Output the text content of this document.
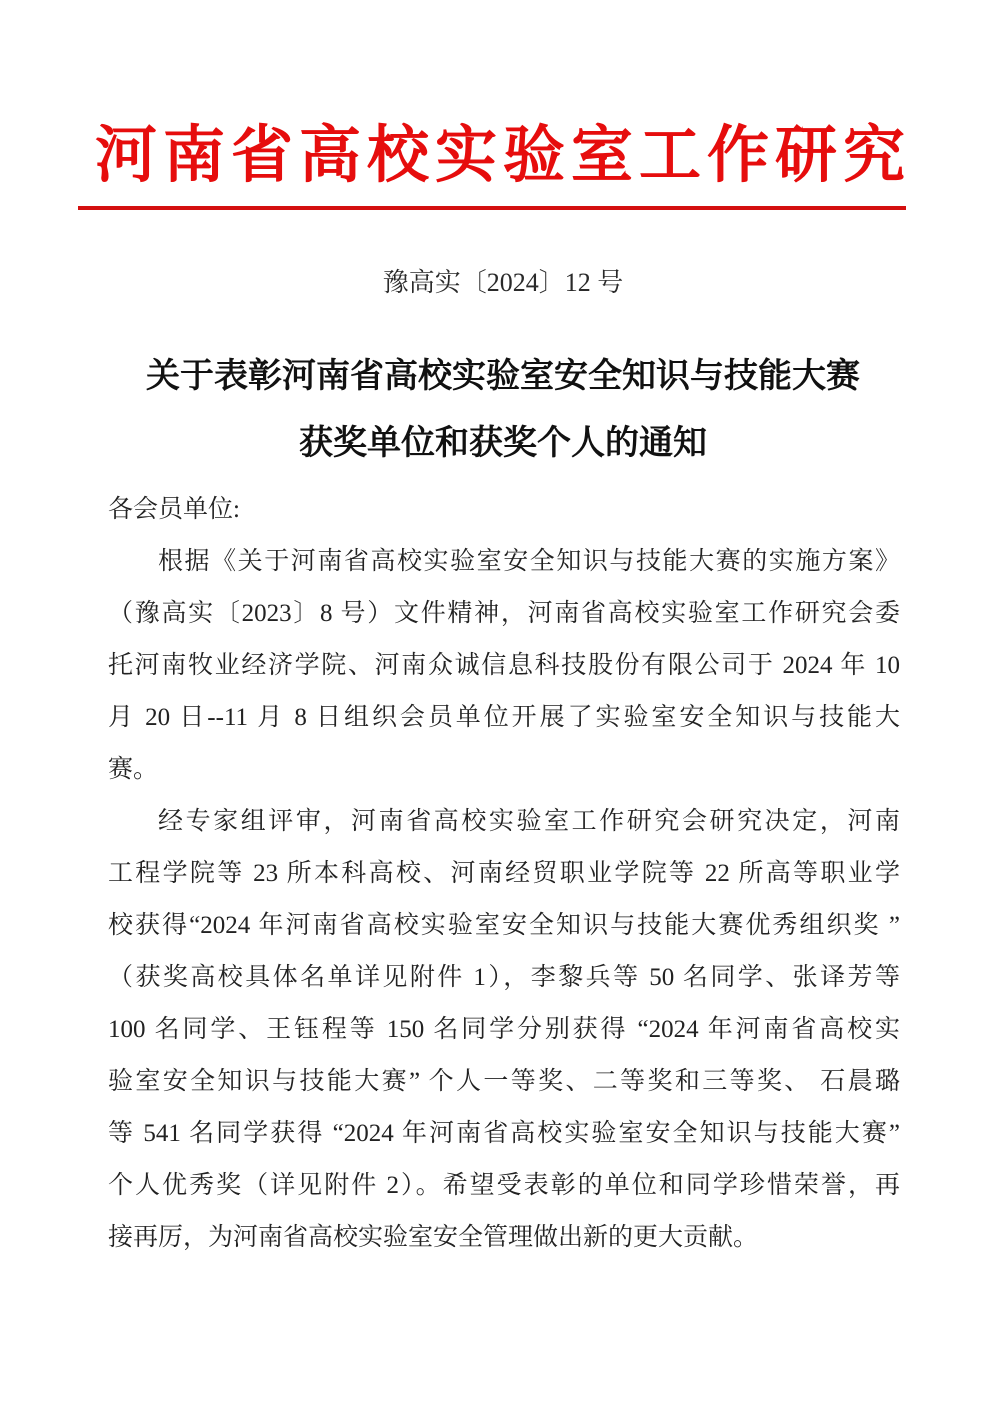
河南省高校实验室工作研究
豫高实〔2024〕12 号
关于表彰河南省高校实验室安全知识与技能大赛
获奖单位和获奖个人的通知
各会员单位:
根据《关于河南省高校实验室安全知识与技能大赛的实施方案》
（豫高实〔2023〕8 号）文件精神，河南省高校实验室工作研究会委
托河南牧业经济学院、河南众诚信息科技股份有限公司于 2024 年 10
月 20 日--11 月 8 日组织会员单位开展了实验室安全知识与技能大
赛。
经专家组评审，河南省高校实验室工作研究会研究决定，河南
工程学院等 23 所本科高校、河南经贸职业学院等 22 所高等职业学
校获得“2024 年河南省高校实验室安全知识与技能大赛优秀组织奖 ”
（获奖高校具体名单详见附件 1），李黎兵等 50 名同学、张译芳等
100 名同学、王钰程等 150 名同学分别获得 “2024 年河南省高校实
验室安全知识与技能大赛” 个人一等奖、二等奖和三等奖、 石晨璐
等 541 名同学获得 “2024 年河南省高校实验室安全知识与技能大赛”
个人优秀奖（详见附件 2）。希望受表彰的单位和同学珍惜荣誉，再
接再厉，为河南省高校实验室安全管理做出新的更大贡献。
